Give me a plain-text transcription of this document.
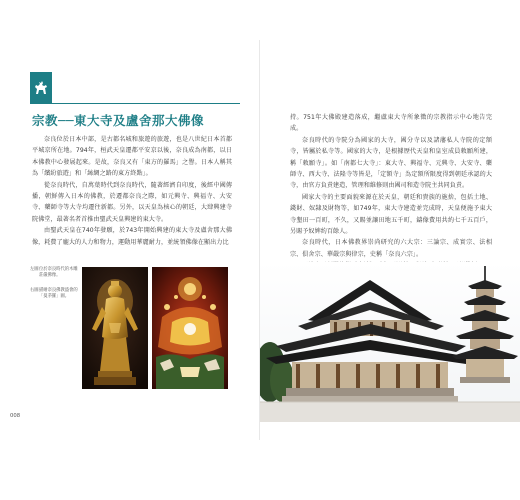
宗教──東大寺及盧舍那大佛像

奈良位於日本中部，是古都名城和旅遊的旅遊，也是八世紀日本首都平城京所在地。794年，桓武天皇遷都平安京以後，奈良成為南都，以日本佛教中心發展起來。是故，奈良又有「東方的羅馬」之譽。日本人稱其為「繽紛旅遊」和「絲綢之路的東方終點」。

從奈良時代，自萬葉時代到奈良時代，隨著經濟自印度，後經中國傳播，朝鮮傳入日本的佛教，於遷都奈良之際，如元興寺、興福寺、大安寺、藥師寺等大寺均遷往新都。另外，以天皇為核心的朝廷，大肆興建寺院佛堂，最著名者首推由聖武天皇興建的東大寺。

由聖武天皇在740年發願，於743年開始興建的東大寺及盧舍那大佛像，耗費了龐大的人力和物力，運動用華麗耐力，並統領佛像在顯出力比

左圖 位於奈良時代的木雕莊嚴佛像。
右圖 描繪奈良佛教盛會的「曼荼羅」圖。
008

持。751年大佛殿建造落成，繼盧東大寺所象徵的宗教指示中心地告完成。

奈良時代的寺院分為國家的大寺，國分寺以及諸藩私人寺院的定額寺，皆屬於私寺等。國家的大寺，是根據歷代天皇和皇室成員敕願所建，稱「敕願寺」。如「南都七大寺」：東大寺、興福寺、元興寺、大安寺、藥師寺、西大寺、法隆寺等皆是，「定額寺」為定額所限度得到朝廷承認的大寺，由官方負責建造，管理和維修則由國司和造寺院主共同負責。

國家大寺的主要面貌來源在於天皇，朝廷和貴族的施捨，包括土地、錢財、奴隸及財物等，如749年，東大寺建造並完成時，天皇便施予東大寺墾田一百町，不久，又賜並讓田地五千町，鑄像費用共約七千五百戶，另賜予奴婢約百餘人。

奈良時代，日本佛教界崇尚研究的六大宗：三論宗、成實宗、法相宗、俱舍宗、華嚴宗與律宗，史稱「奈良六宗」。
